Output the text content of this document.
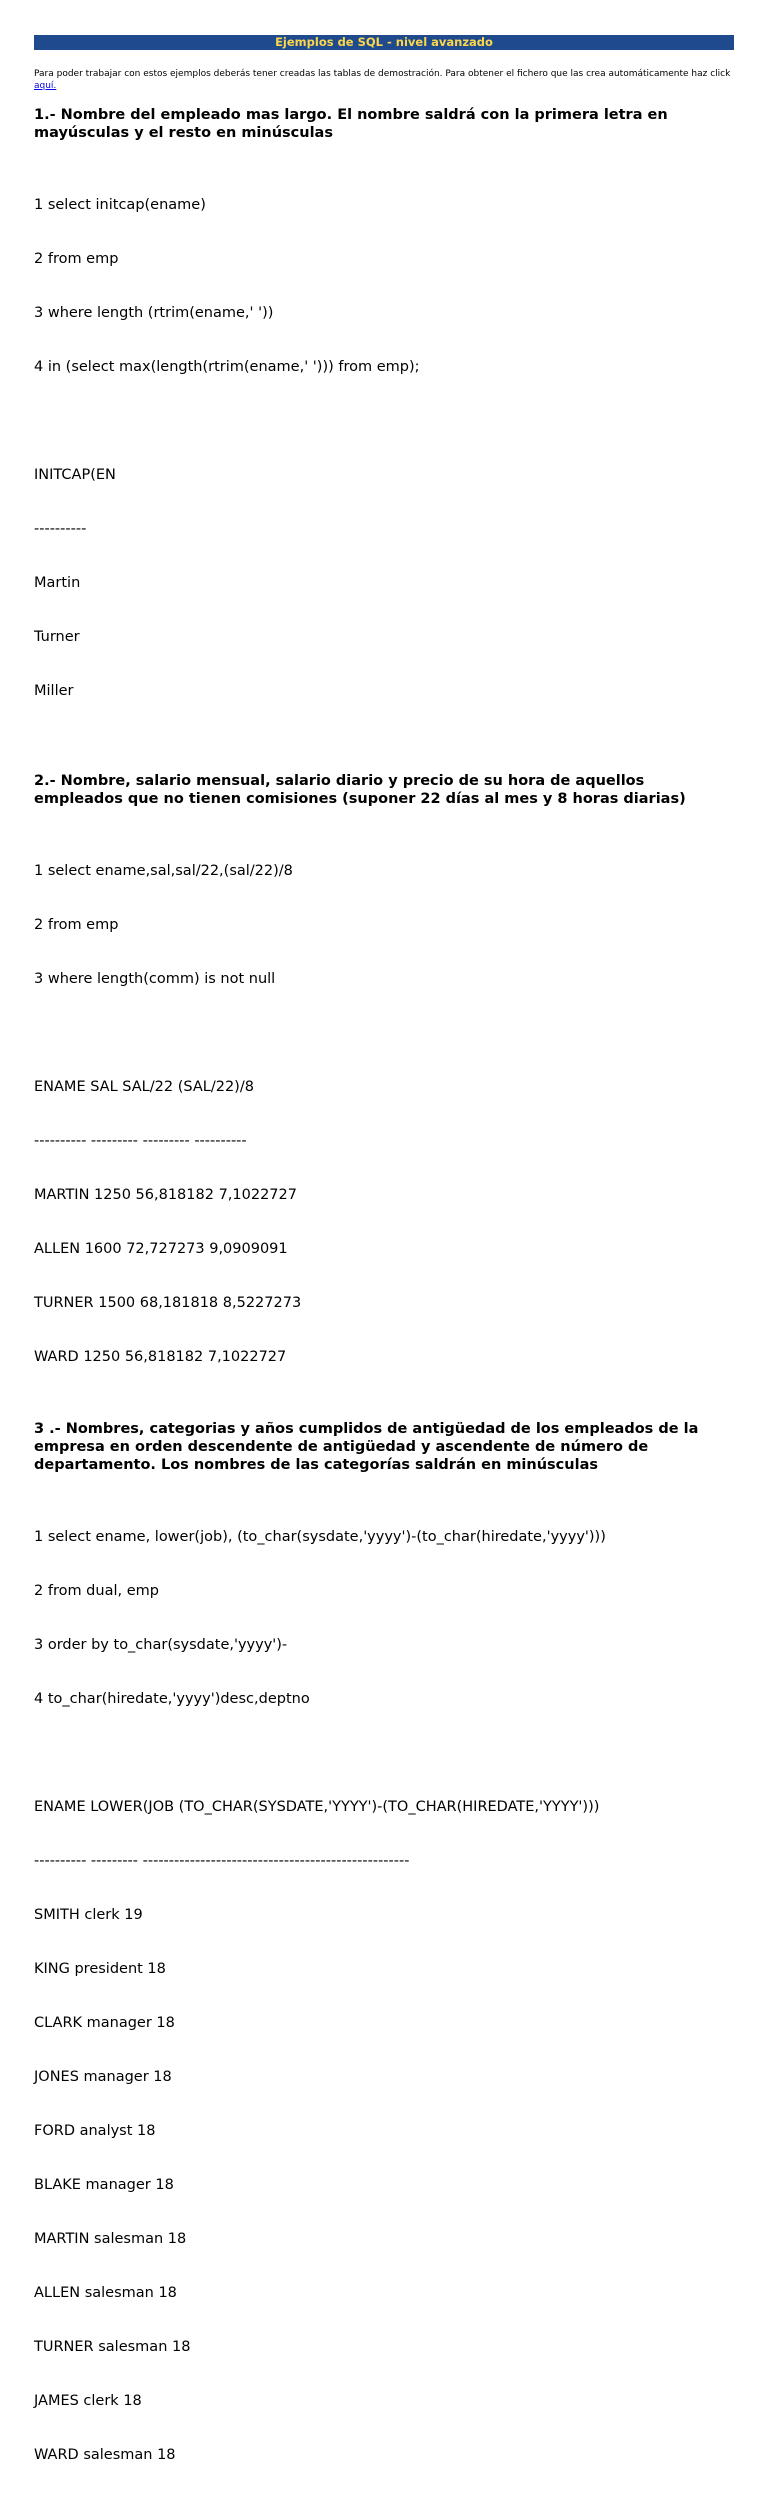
Ejemplos de SQL - nivel avanzado

Para poder trabajar con estos ejemplos deberás tener creadas las tablas de demostración. Para obtener el fichero que las crea automáticamente haz click aquí.

1.- Nombre del empleado mas largo. El nombre saldrá con la primera letra en mayúsculas y el resto en minúsculas

1 select initcap(ename)

2 from emp

3 where length (rtrim(ename,' '))

4 in (select max(length(rtrim(ename,' '))) from emp);

INITCAP(EN

----------

Martin

Turner

Miller

2.- Nombre, salario mensual, salario diario y precio de su hora de aquellos empleados que no tienen comisiones (suponer 22 días al mes y 8 horas diarias)

1 select ename,sal,sal/22,(sal/22)/8

2 from emp

3 where length(comm) is not null

ENAME SAL SAL/22 (SAL/22)/8

---------- --------- --------- ----------

MARTIN 1250 56,818182 7,1022727

ALLEN 1600 72,727273 9,0909091

TURNER 1500 68,181818 8,5227273

WARD 1250 56,818182 7,1022727

3 .- Nombres, categorias y años cumplidos de antigüedad de los empleados de la empresa en orden descendente de antigüedad y ascendente de número de departamento. Los nombres de las categorías saldrán en minúsculas

1 select ename, lower(job), (to_char(sysdate,'yyyy')-(to_char(hiredate,'yyyy')))

2 from dual, emp

3 order by to_char(sysdate,'yyyy')-

4 to_char(hiredate,'yyyy')desc,deptno

ENAME LOWER(JOB (TO_CHAR(SYSDATE,'YYYY')-(TO_CHAR(HIREDATE,'YYYY')))

---------- --------- ---------------------------------------------------

SMITH clerk 19

KING president 18

CLARK manager 18

JONES manager 18

FORD analyst 18

BLAKE manager 18

MARTIN salesman 18

ALLEN salesman 18

TURNER salesman 18

JAMES clerk 18

WARD salesman 18
